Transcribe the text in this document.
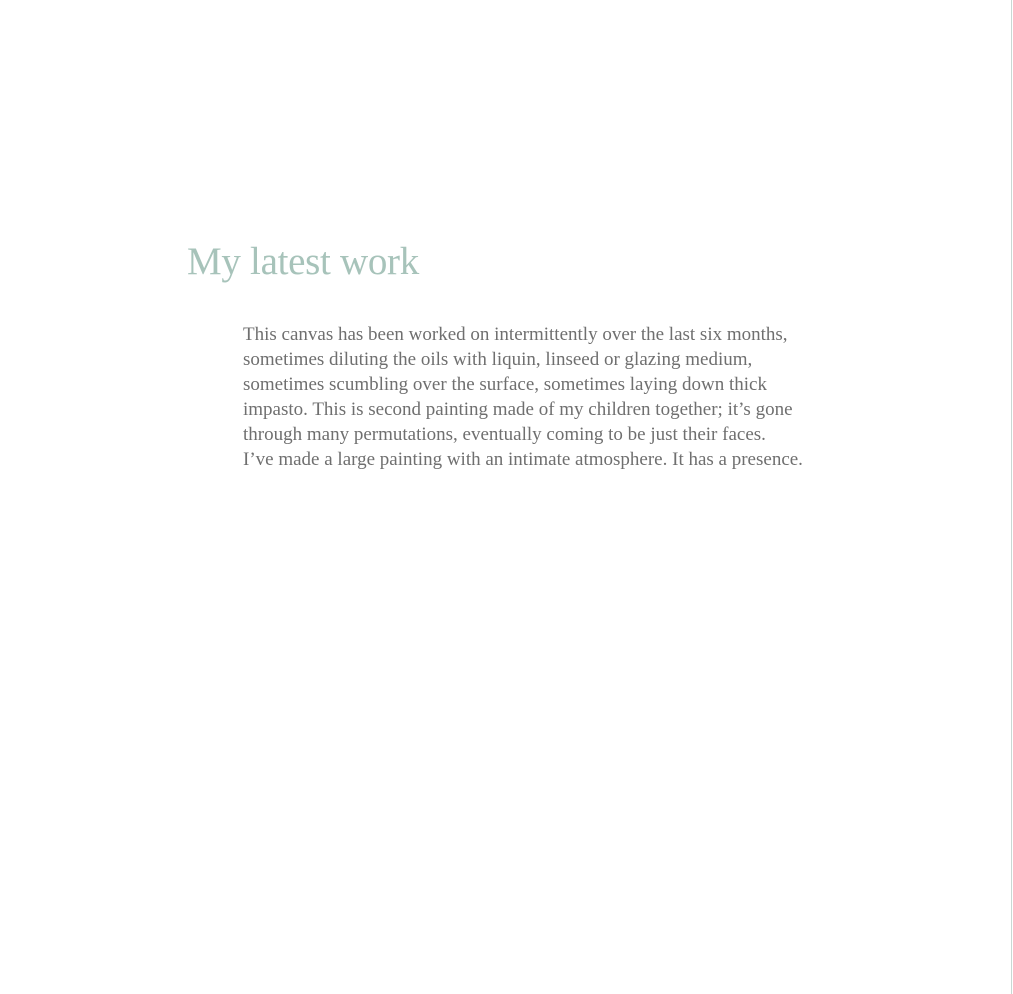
My latest work

This canvas has been worked on intermittently over the last six months,
sometimes diluting the oils with liquin, linseed or glazing medium,
sometimes scumbling over the surface, sometimes laying down thick
impasto. This is second painting made of my children together; it’s gone
through many permutations, eventually coming to be just their faces.
I’ve made a large painting with an intimate atmosphere. It has a presence.
